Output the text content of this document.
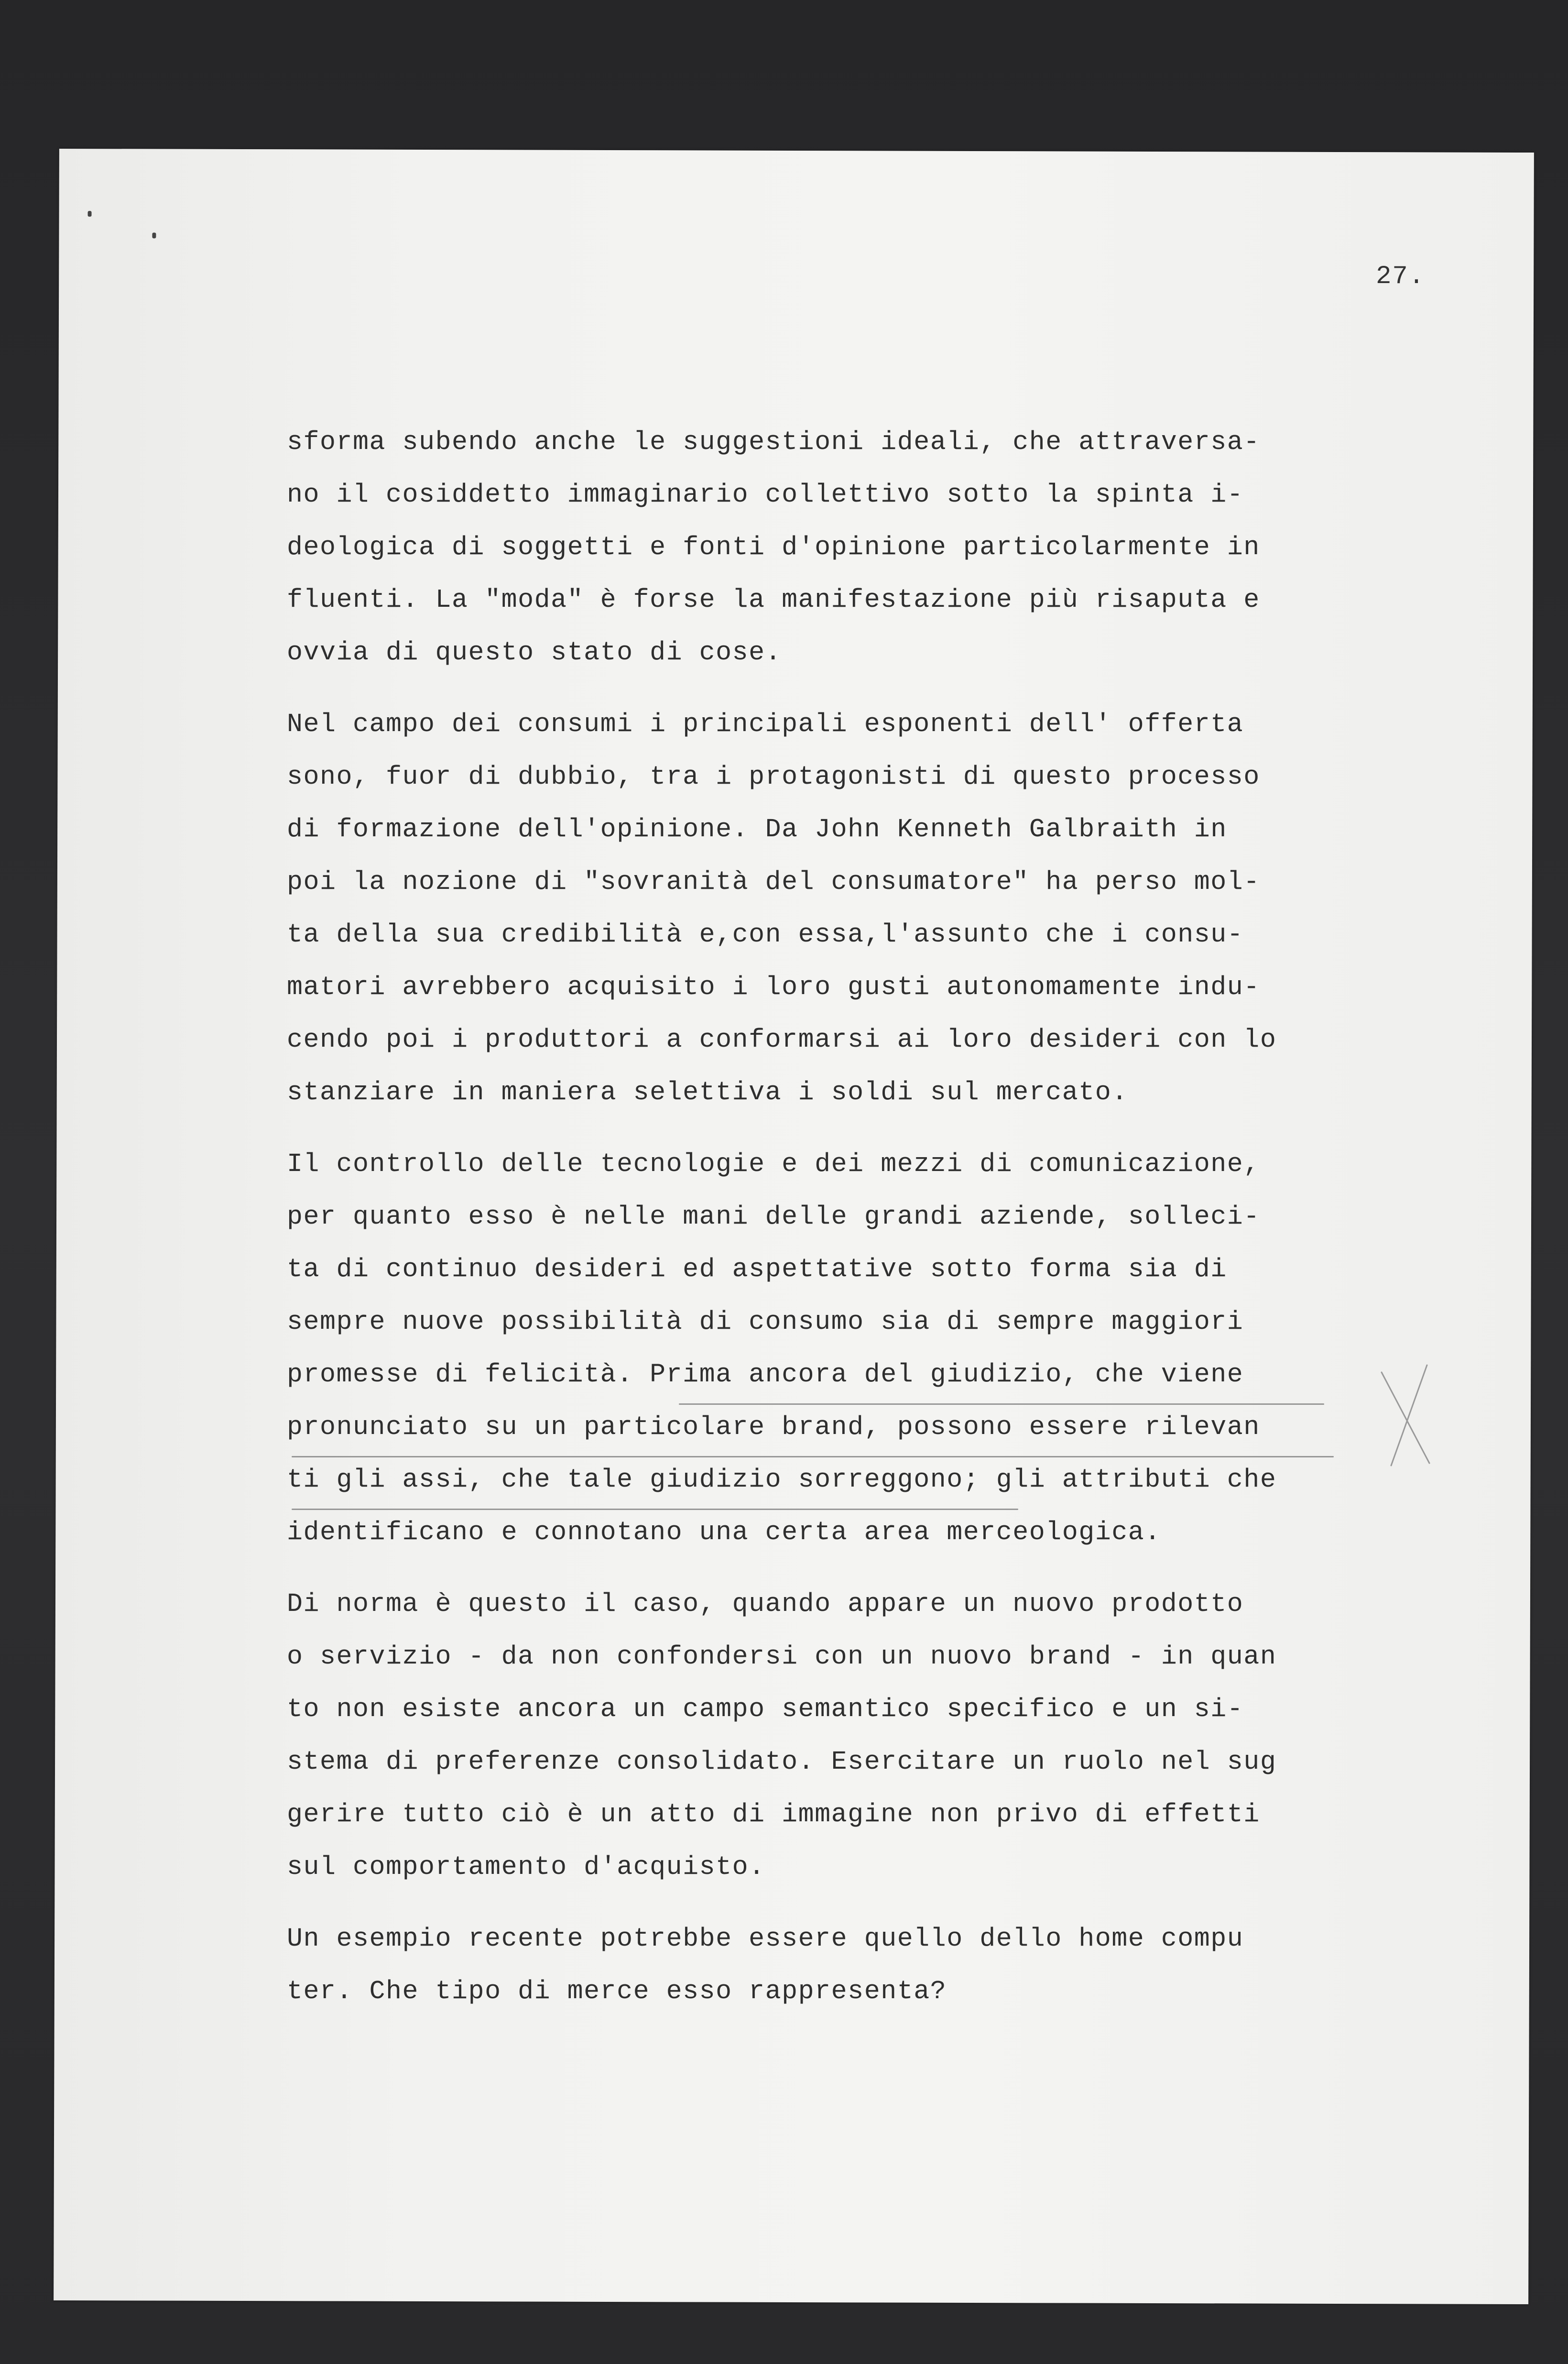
27.
sforma subendo anche le suggestioni ideali, che attraversa-
no il cosiddetto immaginario collettivo sotto la spinta i-
deologica di soggetti e fonti d'opinione particolarmente in
fluenti. La "moda" è forse la manifestazione più risaputa e
ovvia di questo stato di cose.
Nel campo dei consumi i principali esponenti dell' offerta
sono, fuor di dubbio, tra i protagonisti di questo processo
di formazione dell'opinione. Da John Kenneth Galbraith in
poi la nozione di "sovranità del consumatore" ha perso mol-
ta della sua credibilità e,con essa,l'assunto che i consu-
matori avrebbero acquisito i loro gusti autonomamente indu-
cendo poi i produttori a conformarsi ai loro desideri con lo
stanziare in maniera selettiva i soldi sul mercato.
Il controllo delle tecnologie e dei mezzi di comunicazione,
per quanto esso è nelle mani delle grandi aziende, solleci-
ta di continuo desideri ed aspettative sotto forma sia di
sempre nuove possibilità di consumo sia di sempre maggiori
promesse di felicità. Prima ancora del giudizio, che viene
pronunciato su un particolare brand, possono essere rilevan
ti gli assi, che tale giudizio sorreggono; gli attributi che
identificano e connotano una certa area merceologica.
Di norma è questo il caso, quando appare un nuovo prodotto
o servizio - da non confondersi con un nuovo brand - in quan
to non esiste ancora un campo semantico specifico e un si-
stema di preferenze consolidato. Esercitare un ruolo nel sug
gerire tutto ciò è un atto di immagine non privo di effetti
sul comportamento d'acquisto.
Un esempio recente potrebbe essere quello dello home compu
ter. Che tipo di merce esso rappresenta?
